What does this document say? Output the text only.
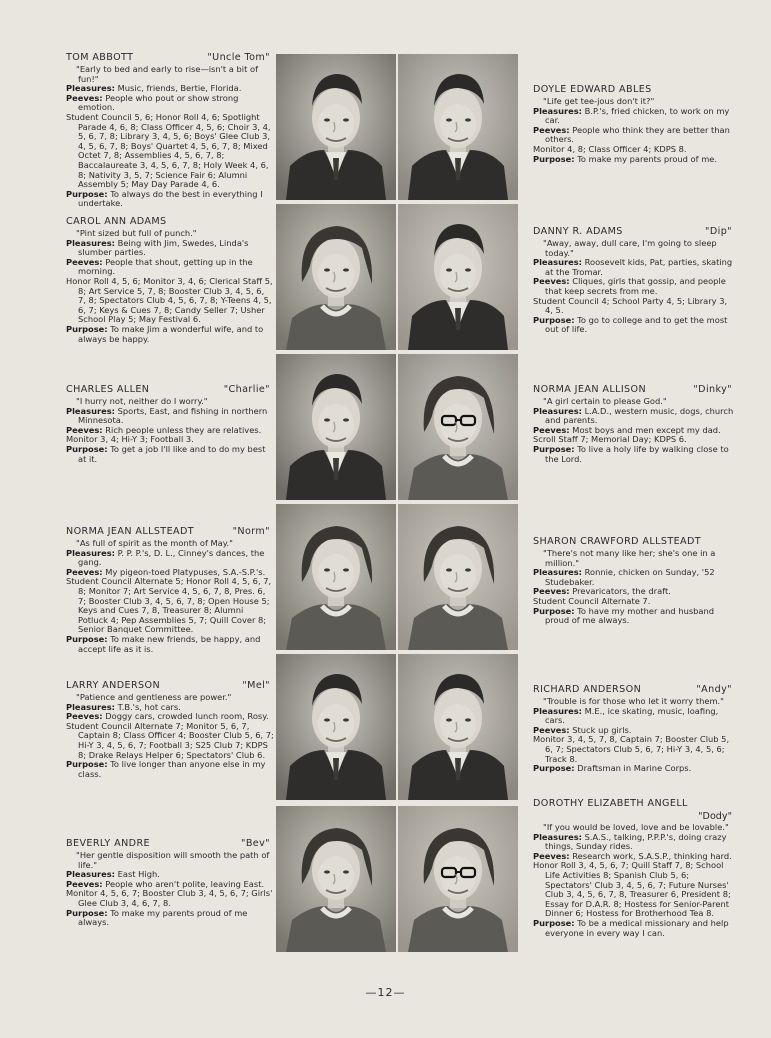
TOM ABBOTT	"Uncle Tom"
"Early to bed and early to rise—isn't a bit of fun!"
Pleasures: Music, friends, Bertie, Florida.
Peeves: People who pout or show strong emotion.
Student Council 5, 6; Honor Roll 4, 6; Spotlight Parade 4, 6, 8; Class Officer 4, 5, 6; Choir 3, 4, 5, 6, 7, 8; Library 3, 4, 5, 6; Boys' Glee Club 3, 4, 5, 6, 7, 8; Boys' Quartet 4, 5, 6, 7, 8; Mixed Octet 7, 8; Assemblies 4, 5, 6, 7, 8; Baccalaureate 3, 4, 5, 6, 7, 8; Holy Week 4, 6, 8; Nativity 3, 5, 7; Science Fair 6; Alumni Assembly 5; May Day Parade 4, 6.
Purpose: To always do the best in everything I undertake.
DOYLE EDWARD ABLES
"Life get tee-jous don't it?"
Pleasures: B.P.'s, fried chicken, to work on my car.
Peeves: People who think they are better than others.
Monitor 4, 8; Class Officer 4; KDPS 8.
Purpose: To make my parents proud of me.
CAROL ANN ADAMS
"Pint sized but full of punch."
Pleasures: Being with Jim, Swedes, Linda's slumber parties.
Peeves: People that shout, getting up in the morning.
Honor Roll 4, 5, 6; Monitor 3, 4, 6; Clerical Staff 5, 8; Art Service 5, 7, 8; Booster Club 3, 4, 5, 6, 7, 8; Spectators Club 4, 5, 6, 7, 8; Y-Teens 4, 5, 6, 7; Keys & Cues 7, 8; Candy Seller 7; Usher School Play 5; May Festival 6.
Purpose: To make Jim a wonderful wife, and to always be happy.
DANNY R. ADAMS	"Dip"
"Away, away, dull care, I'm going to sleep today."
Pleasures: Roosevelt kids, Pat, parties, skating at the Tromar.
Peeves: Cliques, girls that gossip, and people that keep secrets from me.
Student Council 4; School Party 4, 5; Library 3, 4, 5.
Purpose: To go to college and to get the most out of life.
CHARLES ALLEN	"Charlie"
"I hurry not, neither do I worry."
Pleasures: Sports, East, and fishing in northern Minnesota.
Peeves: Rich people unless they are relatives.
Monitor 3, 4; Hi-Y 3; Football 3.
Purpose: To get a job I'll like and to do my best at it.
NORMA JEAN ALLISON	"Dinky"
"A girl certain to please God."
Pleasures: L.A.D., western music, dogs, church and parents.
Peeves: Most boys and men except my dad.
Scroll Staff 7; Memorial Day; KDPS 6.
Purpose: To live a holy life by walking close to the Lord.
NORMA JEAN ALLSTEADT	"Norm"
"As full of spirit as the month of May."
Pleasures: P. P. P.'s, D. L., Cinney's dances, the gang.
Peeves: My pigeon-toed Platypuses, S.A.-S.P.'s.
Student Council Alternate 5; Honor Roll 4, 5, 6, 7, 8; Monitor 7; Art Service 4, 5, 6, 7, 8, Pres. 6, 7; Booster Club 3, 4, 5, 6, 7, 8; Open House 5; Keys and Cues 7, 8, Treasurer 8; Alumni Potluck 4; Pep Assemblies 5, 7; Quill Cover 8; Senior Banquet Committee.
Purpose: To make new friends, be happy, and accept life as it is.
SHARON CRAWFORD ALLSTEADT
"There's not many like her; she's one in a million."
Pleasures: Ronnie, chicken on Sunday, '52 Studebaker.
Peeves: Prevaricators, the draft.
Student Council Alternate 7.
Purpose: To have my mother and husband proud of me always.
LARRY ANDERSON	"Mel"
"Patience and gentleness are power."
Pleasures: T.B.'s, hot cars.
Peeves: Doggy cars, crowded lunch room, Rosy.
Student Council Alternate 7; Monitor 5, 6, 7, Captain 8; Class Officer 4; Booster Club 5, 6, 7; Hi-Y 3, 4, 5, 6, 7; Football 3; S25 Club 7; KDPS 8; Drake Relays Helper 6; Spectators' Club 6.
Purpose: To live longer than anyone else in my class.
RICHARD ANDERSON	"Andy"
"Trouble is for those who let it worry them."
Pleasures: M.E., ice skating, music, loafing, cars.
Peeves: Stuck up girls.
Monitor 3, 4, 5, 7, 8, Captain 7; Booster Club 5, 6, 7; Spectators Club 5, 6, 7; Hi-Y 3, 4, 5, 6; Track 8.
Purpose: Draftsman in Marine Corps.
BEVERLY ANDRE	"Bev"
"Her gentle disposition will smooth the path of life."
Pleasures: East High.
Peeves: People who aren't polite, leaving East.
Monitor 4, 5, 6, 7; Booster Club 3, 4, 5, 6, 7; Girls' Glee Club 3, 4, 6, 7, 8.
Purpose: To make my parents proud of me always.
DOROTHY ELIZABETH ANGELL
"Dody"
"If you would be loved, love and be lovable."
Pleasures: S.A.S., talking, P.P.P.'s, doing crazy things, Sunday rides.
Peeves: Research work, S.A.S.P., thinking hard.
Honor Roll 3, 4, 5, 6, 7; Quill Staff 7, 8; School Life Activities 8; Spanish Club 5, 6; Spectators' Club 3, 4, 5, 6, 7; Future Nurses' Club 3, 4, 5, 6, 7, 8, Treasurer 6, President 8; Essay for D.A.R. 8; Hostess for Senior-Parent Dinner 6; Hostess for Brotherhood Tea 8.
Purpose: To be a medical missionary and help everyone in every way I can.
—12—
